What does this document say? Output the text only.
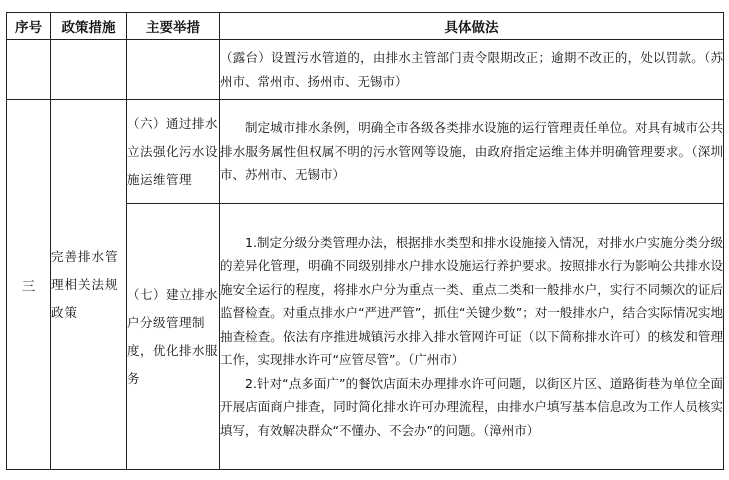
序号	政策措施	主要举措	具体做法

			（露台）设置污水管道的，由排水主管部门责令限期改正；逾期不改正的，处以罚款。（苏州市、常州市、扬州市、无锡市）

三	完善排水管理相关法规政策	（六）通过排水立法强化污水设施运维管理	制定城市排水条例，明确全市各级各类排水设施的运行管理责任单位。对具有城市公共排水服务属性但权属不明的污水管网等设施，由政府指定运维主体并明确管理要求。（深圳市、苏州市、无锡市）

		（七）建立排水户分级管理制度，优化排水服务	1.制定分级分类管理办法，根据排水类型和排水设施接入情况，对排水户实施分类分级的差异化管理，明确不同级别排水户排水设施运行养护要求。按照排水行为影响公共排水设施安全运行的程度，将排水户分为重点一类、重点二类和一般排水户，实行不同频次的证后监督检查。对重点排水户“严进严管”，抓住“关键少数”；对一般排水户，结合实际情况实地抽查检查。依法有序推进城镇污水排入排水管网许可证（以下简称排水许可）的核发和管理工作，实现排水许可“应管尽管”。（广州市）
2.针对“点多面广”的餐饮店面未办理排水许可问题，以街区片区、道路街巷为单位全面开展店面商户排查，同时简化排水许可办理流程，由排水户填写基本信息改为工作人员核实填写，有效解决群众“不懂办、不会办”的问题。（漳州市）
